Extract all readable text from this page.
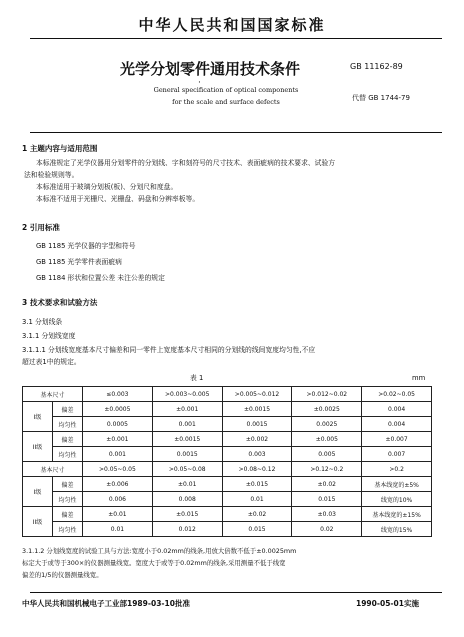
中华人民共和国国家标准
光学分划零件通用技术条件	GB 11162-89
·
General specification of optical components
for the scale and surface defects	代替 GB 1744-79
1 主题内容与适用范围
本标准规定了光学仪器用分划零件的分划线、字和刻符号的尺寸技术、表面疵病的技术要求、试验方
法和检验规则等。
本标准适用于玻璃分划板(板)、分划尺和度盘。
本标准不适用于光栅尺、光栅盘、码盘和分辨率板等。
2 引用标准
GB 1185 光学仪器的字型和符号
GB 1185 光学零件表面疵病
GB 1184 形状和位置公差 未注公差的规定
3 技术要求和试验方法
3.1 分划线条
3.1.1 分划线宽度
3.1.1.1 分划线宽度基本尺寸偏差和同一零件上宽度基本尺寸相同的分划线的线间宽度均匀性,不应
超过表1中的规定。
表 1	mm
基本尺寸		≤0.003	>0.003~0.005	>0.005~0.012	>0.012~0.02	>0.02~0.05
I级	偏差	±0.0005	±0.001	±0.0015	±0.0025	0.004
	均匀性	0.0005	0.001	0.0015	0.0025	0.004
II级	偏差	±0.001	±0.0015	±0.002	±0.005	±0.007
	均匀性	0.001	0.0015	0.003	0.005	0.007
基本尺寸		>0.05~0.05	>0.05~0.08	>0.08~0.12	>0.12~0.2	>0.2
I级	偏差	±0.006	±0.01	±0.015	±0.02	基本线宽的±5%
	均匀性	0.006	0.008	0.01	0.015	线宽的10%
II级	偏差	±0.01	±0.015	±0.02	±0.03	基本线宽的±15%
	均匀性	0.01	0.012	0.015	0.02	线宽的15%
3.1.1.2 分划线宽度的试验工具与方法:宽度小于0.02mm的线条,用放大倍数不低于±0.0025mm
标定大于或等于300×的仪器测量线宽。宽度大于或等于0.02mm的线条,采用测量不低于线宽
偏差的1/5的仪器测量线宽。
中华人民共和国机械电子工业部1989-03-10批准	1990-05-01实施
